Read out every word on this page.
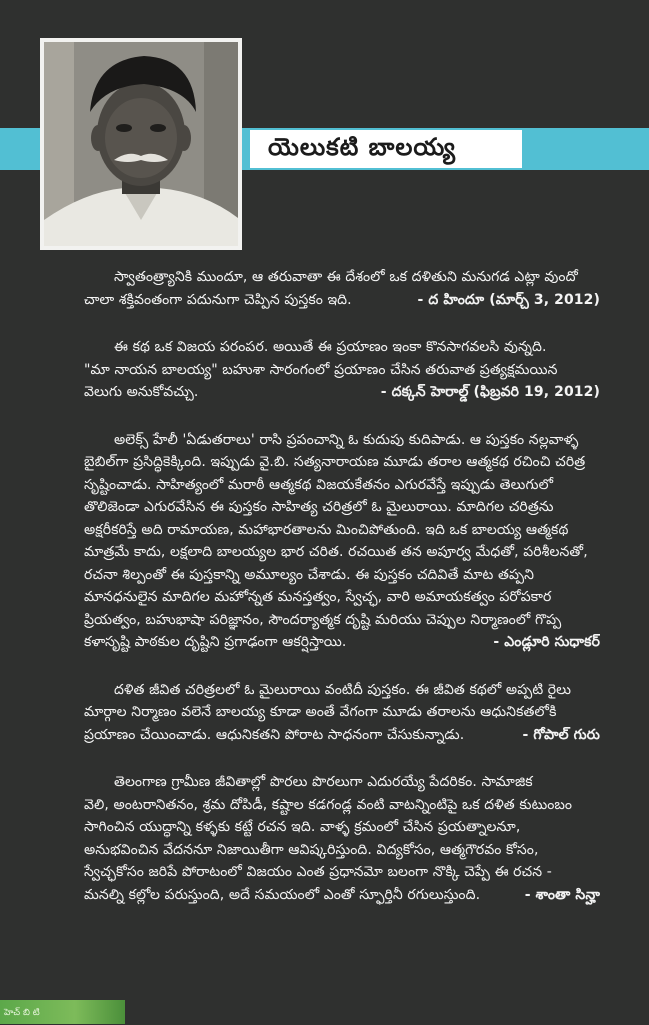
యెలుకటి బాలయ్య
స్వాతంత్ర్యానికి ముందూ, ఆ తరువాతా ఈ దేశంలో ఒక దళితుని మనుగడ ఎట్లా వుందో
చాలా శక్తివంతంగా పదునుగా చెప్పిన పుస్తకం ఇది.	- ద హిందూ (మార్చ్ 3, 2012)
ఈ కథ ఒక విజయ పరంపర. అయితే ఈ ప్రయాణం ఇంకా కొనసాగవలసి వున్నది.
"మా నాయన బాలయ్య" బహుశా సారంగంలో ప్రయాణం చేసిన తరువాత ప్రత్యక్షమయిన
వెలుగు అనుకోవచ్చు.	- దక్కన్ హెరాల్డ్ (ఫిబ్రవరి 19, 2012)
అలెక్స్ హేలీ 'ఏడుతరాలు' రాసి ప్రపంచాన్ని ఓ కుదుపు కుదిపాడు. ఆ పుస్తకం నల్లవాళ్ళ
బైబిల్‌గా ప్రసిద్ధికెక్కింది. ఇప్పుడు వై.బి. సత్యనారాయణ మూడు తరాల ఆత్మకథ రచించి చరిత్ర
సృష్టించాడు. సాహిత్యంలో మరాఠీ ఆత్మకథ విజయకేతనం ఎగురవేస్తే ఇప్పుడు తెలుగులో
తొలిజెండా ఎగురవేసిన ఈ పుస్తకం సాహిత్య చరిత్రలో ఓ మైలురాయి. మాదిగల చరిత్రను
అక్షరీకరిస్తే అది రామాయణ, మహాభారతాలను మించిపోతుంది. ఇది ఒక బాలయ్య ఆత్మకథ
మాత్రమే కాదు, లక్షలాది బాలయ్యల భార చరిత. రచయిత తన అపూర్వ మేధతో, పరిశీలనతో,
రచనా శిల్పంతో ఈ పుస్తకాన్ని అమూల్యం చేశాడు. ఈ పుస్తకం చదివితే మాట తప్పని
మానధనులైన మాదిగల మహోన్నత మనస్తత్వం, స్వేచ్ఛ, వారి అమాయకత్వం పరోపకార
ప్రియత్వం, బహుభాషా పరిజ్ఞానం, సౌందర్యాత్మక దృష్టి మరియు చెప్పుల నిర్మాణంలో గొప్ప
కళాసృష్టి పాఠకుల దృష్టిని ప్రగాఢంగా ఆకర్షిస్తాయి.	- ఎండ్లూరి సుధాకర్
దళిత జీవిత చరిత్రలలో ఓ మైలురాయి వంటిదీ పుస్తకం. ఈ జీవిత కథలో అప్పటి రైలు
మార్గాల నిర్మాణం వలెనే బాలయ్య కూడా అంతే వేగంగా మూడు తరాలను ఆధునికతలోకి
ప్రయాణం చేయించాడు. ఆధునికతని పోరాట సాధనంగా చేసుకున్నాడు.	- గోపాల్ గురు
తెలంగాణ గ్రామీణ జీవితాల్లో పొరలు పొరలుగా ఎదురయ్యే పేదరికం. సామాజిక
వెలి, అంటరానితనం, శ్రమ దోపిడీ, కష్టాల కడగండ్ల వంటి వాటన్నింటిపై ఒక దళిత కుటుంబం
సాగించిన యుద్ధాన్ని కళ్ళకు కట్టే రచన ఇది. వాళ్ళ క్రమంలో చేసిన ప్రయత్నాలనూ,
అనుభవించిన వేదననూ నిజాయితీగా ఆవిష్కరిస్తుంది. విద్యకోసం, ఆత్మగౌరవం కోసం,
స్వేచ్ఛకోసం జరిపే పోరాటంలో విజయం ఎంత ప్రధానమో బలంగా నొక్కి చెప్పే ఈ రచన -
మనల్ని కల్లోల పరుస్తుంది, అదే సమయంలో ఎంతో స్ఫూర్తినీ రగులుస్తుంది.	- శాంతా సిన్హా
హెచ్ బి టి
